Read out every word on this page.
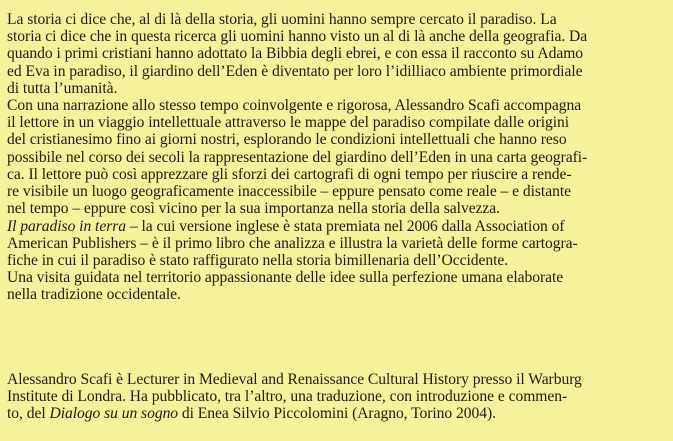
La storia ci dice che, al di là della storia, gli uomini hanno sempre cercato il paradiso. La
storia ci dice che in questa ricerca gli uomini hanno visto un al di là anche della geografia. Da
quando i primi cristiani hanno adottato la Bibbia degli ebrei, e con essa il racconto su Adamo
ed Eva in paradiso, il giardino dell’Eden è diventato per loro l’idilliaco ambiente primordiale
di tutta l’umanità.
Con una narrazione allo stesso tempo coinvolgente e rigorosa, Alessandro Scafi accompagna
il lettore in un viaggio intellettuale attraverso le mappe del paradiso compilate dalle origini
del cristianesimo fino ai giorni nostri, esplorando le condizioni intellettuali che hanno reso
possibile nel corso dei secoli la rappresentazione del giardino dell’Eden in una carta geografi-
ca. Il lettore può così apprezzare gli sforzi dei cartografi di ogni tempo per riuscire a rende-
re visibile un luogo geograficamente inaccessibile – eppure pensato come reale – e distante
nel tempo – eppure così vicino per la sua importanza nella storia della salvezza.
Il paradiso in terra – la cui versione inglese è stata premiata nel 2006 dalla Association of
American Publishers – è il primo libro che analizza e illustra la varietà delle forme cartogra-
fiche in cui il paradiso è stato raffigurato nella storia bimillenaria dell’Occidente.
Una visita guidata nel territorio appassionante delle idee sulla perfezione umana elaborate
nella tradizione occidentale.
Alessandro Scafi è Lecturer in Medieval and Renaissance Cultural History presso il Warburg
Institute di Londra. Ha pubblicato, tra l’altro, una traduzione, con introduzione e commen-
to, del Dialogo su un sogno di Enea Silvio Piccolomini (Aragno, Torino 2004).
